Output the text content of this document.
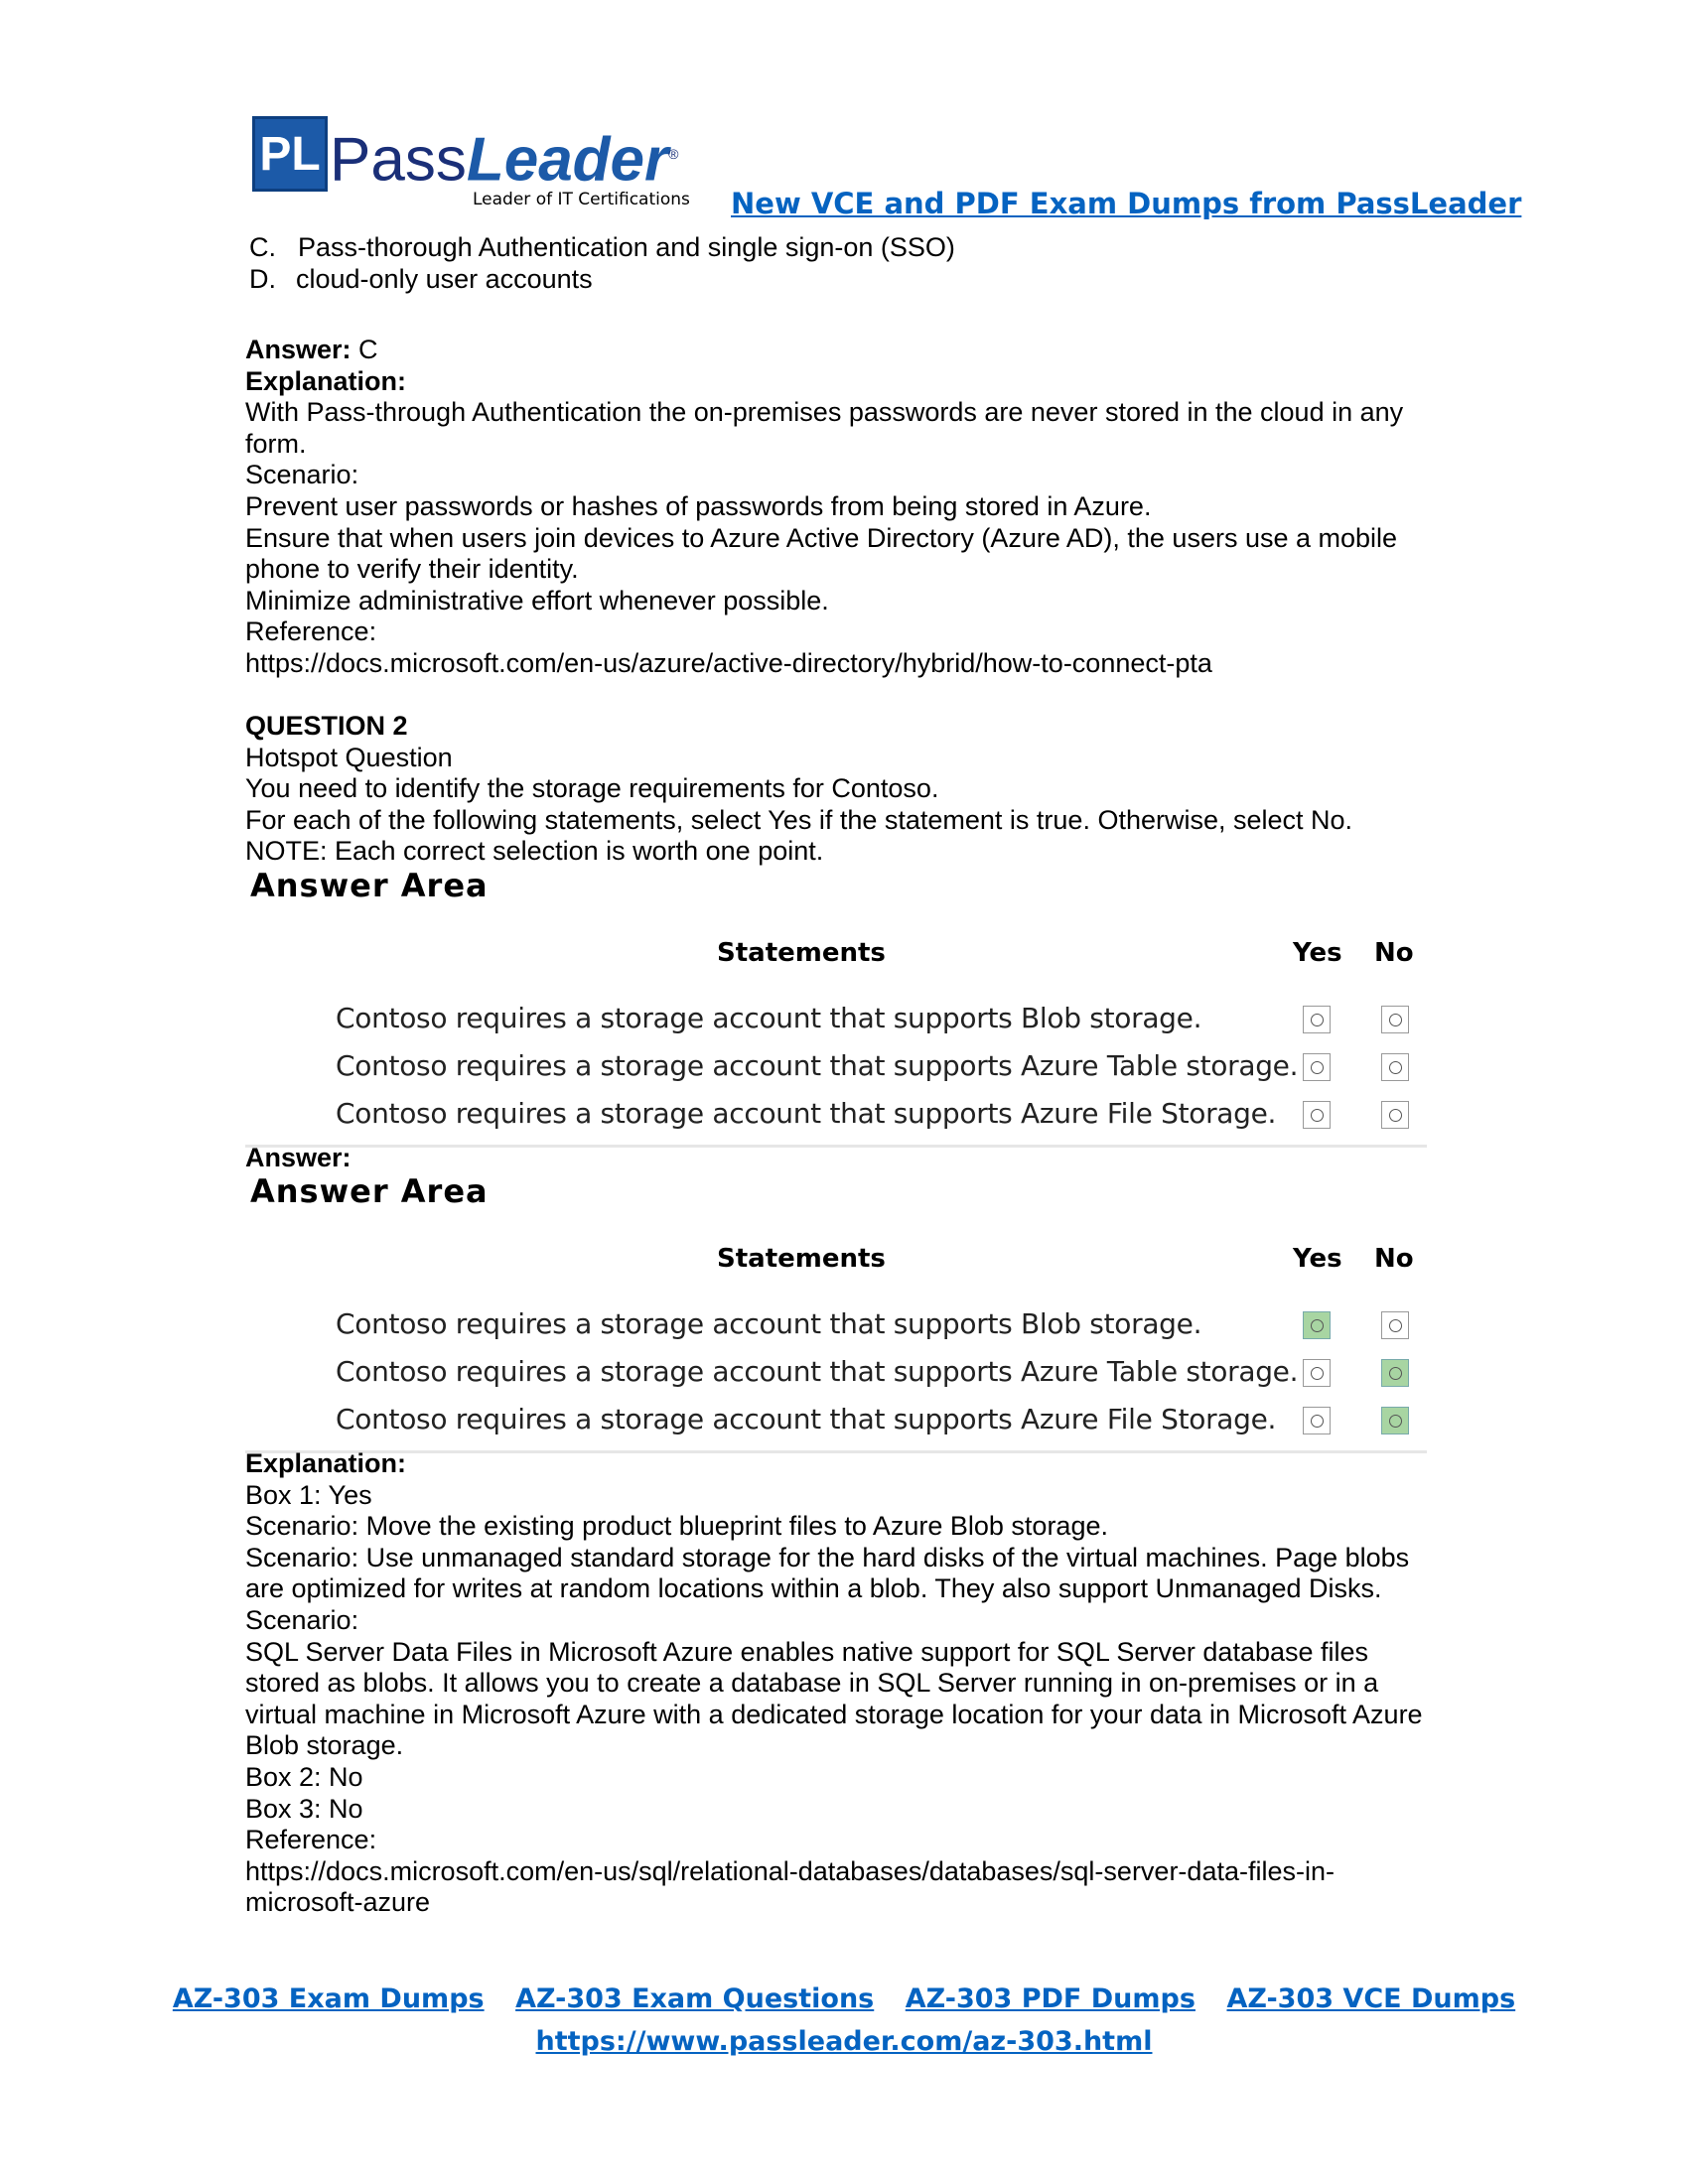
PL PassLeader®
Leader of IT Certifications New VCE and PDF Exam Dumps from PassLeader
C. Pass-thorough Authentication and single sign-on (SSO)
D. cloud-only user accounts
Answer: C
Explanation:
With Pass-through Authentication the on-premises passwords are never stored in the cloud in any
form.
Scenario:
Prevent user passwords or hashes of passwords from being stored in Azure.
Ensure that when users join devices to Azure Active Directory (Azure AD), the users use a mobile
phone to verify their identity.
Minimize administrative effort whenever possible.
Reference:
https://docs.microsoft.com/en-us/azure/active-directory/hybrid/how-to-connect-pta
QUESTION 2
Hotspot Question
You need to identify the storage requirements for Contoso.
For each of the following statements, select Yes if the statement is true. Otherwise, select No.
NOTE: Each correct selection is worth one point.
Answer Area
Statements	Yes No
Contoso requires a storage account that supports Blob storage.
Contoso requires a storage account that supports Azure Table storage.
Contoso requires a storage account that supports Azure File Storage.
Answer:
Answer Area
Statements	Yes No
Contoso requires a storage account that supports Blob storage.
Contoso requires a storage account that supports Azure Table storage.
Contoso requires a storage account that supports Azure File Storage.
Explanation:
Box 1: Yes
Scenario: Move the existing product blueprint files to Azure Blob storage.
Scenario: Use unmanaged standard storage for the hard disks of the virtual machines. Page blobs
are optimized for writes at random locations within a blob. They also support Unmanaged Disks.
Scenario:
SQL Server Data Files in Microsoft Azure enables native support for SQL Server database files
stored as blobs. It allows you to create a database in SQL Server running in on-premises or in a
virtual machine in Microsoft Azure with a dedicated storage location for your data in Microsoft Azure
Blob storage.
Box 2: No
Box 3: No
Reference:
https://docs.microsoft.com/en-us/sql/relational-databases/databases/sql-server-data-files-in-
microsoft-azure
AZ-303 Exam Dumps AZ-303 Exam Questions AZ-303 PDF Dumps AZ-303 VCE Dumps
https://www.passleader.com/az-303.html
